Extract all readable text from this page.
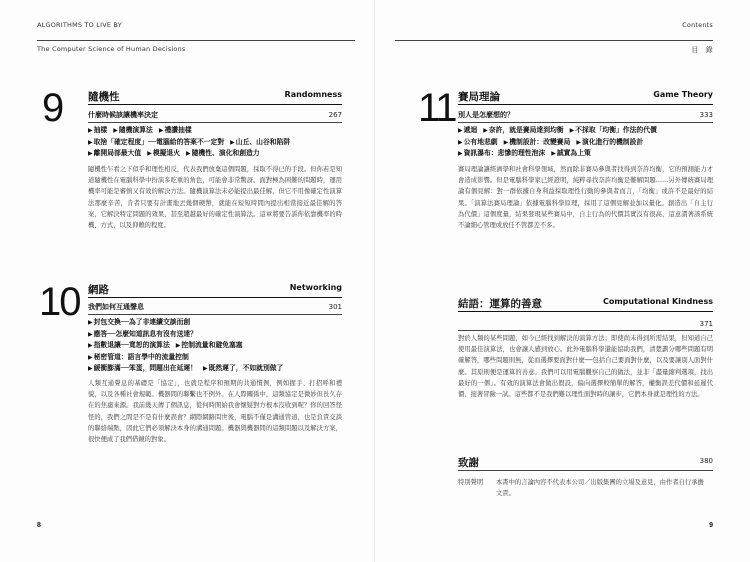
ALGORITHMS TO LIVE BY
The Computer Science of Human Decisions
9 隨機性	Randomness
什麼時候該讓機率決定	267
▶ 抽樣 ▶ 隨機演算法 ▶ 禮讚抽樣
▶ 取捨「確定程度」──電腦給的答案不一定對 ▶ 山丘、山谷和陷阱
▶ 離開局部最大值 ▶ 模擬退火 ▶ 隨機性、演化和創造力
隨機性乍看之下似乎和理性相反，代表我們放棄這個問題，採取不得已的手段。但你若是知道隨機性在電腦科學中扮演多吃重的角色，可能會非常驚訝。面對極為困難的問題時，運用機率可能是審慎又有效的解決方法。隨機演算法未必能提出最佳解，但它不用像確定性演算法那麼辛苦，肯者只要有計畫地丟幾個硬幣，就能在短短時間內提出相當接近最佳解的答案，它解決特定問題的效果，甚至超越最好的確定性演算法。這章將要告訴你依靠機率的時機、方式，以及仰賴的程度。
10 網路	Networking
我們如何互通聲息	301
▶ 封包交換──為了非連續交談而創
▶ 應答──怎麼知道訊息有沒有送達？
▶ 指數退讓──寬恕的演算法 ▶ 控制流量和避免塞塞
▶ 秘密管道：語言學中的流量控制
▶ 緩衝膨滿──笨蛋，問題出在延遲！ ▶ 既然遲了，不如就別做了
人類互通聲息的基礎是「協定」，也就是程序和預期的共通慣例，例如握手、打招呼和禮貌，以及各種社會規範。機器間的聯繫也不例外。在人際關係中，這類協定是微妙但長久存在的焦慮來源。我前幾天傳了個訊息，從何時開始我會懷疑對方根本沒收到呢？你的回答怪怪的，我們之間是不是有什麼誤會？網際網路問世後，電腦不僅是溝通管道，也是負責交談的聯絡端點，因此它們必須解決本身的溝通問題。機器與機器間的這類問題以及解決方案，很快便成了我們借鏡的對象。
8
Contents
目　錄
11 賽局理論	Game Theory
別人是怎麼想的？	333
▶ 遞迴 ▶ 奈許，就是賽局達到均衡 ▶ 不採取「均衡」作法的代價
▶ 公有地悲劇 ▶ 機制設計：改變賽局 ▶ 演化進行的機制設計
▶ 資訊瀑布：悲慘的理性泡沫 ▶ 誠實為上策
賽局理論讓經濟學和社會科學領域，然而除非賽局參與者找得到奈許均衡，它的預測能力才會造成影響。但是電腦科學家已經證明，純粹尋找奈許均衡是難解問題……另外傳統賽局理論有個見解：對一群依據自身利益採取理性行動的參與者而言，「均衡」或許不是最好的結果。「演算法賽局理論」依據電腦科學原理，採用了這個見解並加以量化。創造出「自主行為代價」這個度量，結果發現某些賽局中，自主行為的代價其實沒有很高，這意謂著該系統不論細心管理或放任不管都差不多。
結語：運算的善意	Computational Kindness
371
對於人類的某些問題，如今已經找到解決的演算方法；即使尚未得到所需結果，但知道自己使用最佳演算法，也會讓人感到放心。此外電腦科學還能協助我們，清楚劃分哪些問題有明確解答，哪些問題則無，從而選擇要面對什麼──包括自己要面對什麼，以及要讓別人面對什麼。其原則便是運算的善意。我們可以用電腦觀察自己的做法，並非「盡量縮判選項，找出最好的一個」。有效的演算法會做出假設，偏向選擇較簡單的解答，權衡誤差代價和延遲代價，接著冒險一試。這些都不是我們難以理性面對時的讓步，它們本身就是理性的方法。
致謝	380
特別聲明 本書中的言論內容不代表本公司／出版集團的立場及意見，由作者自行承擔文責。
9
